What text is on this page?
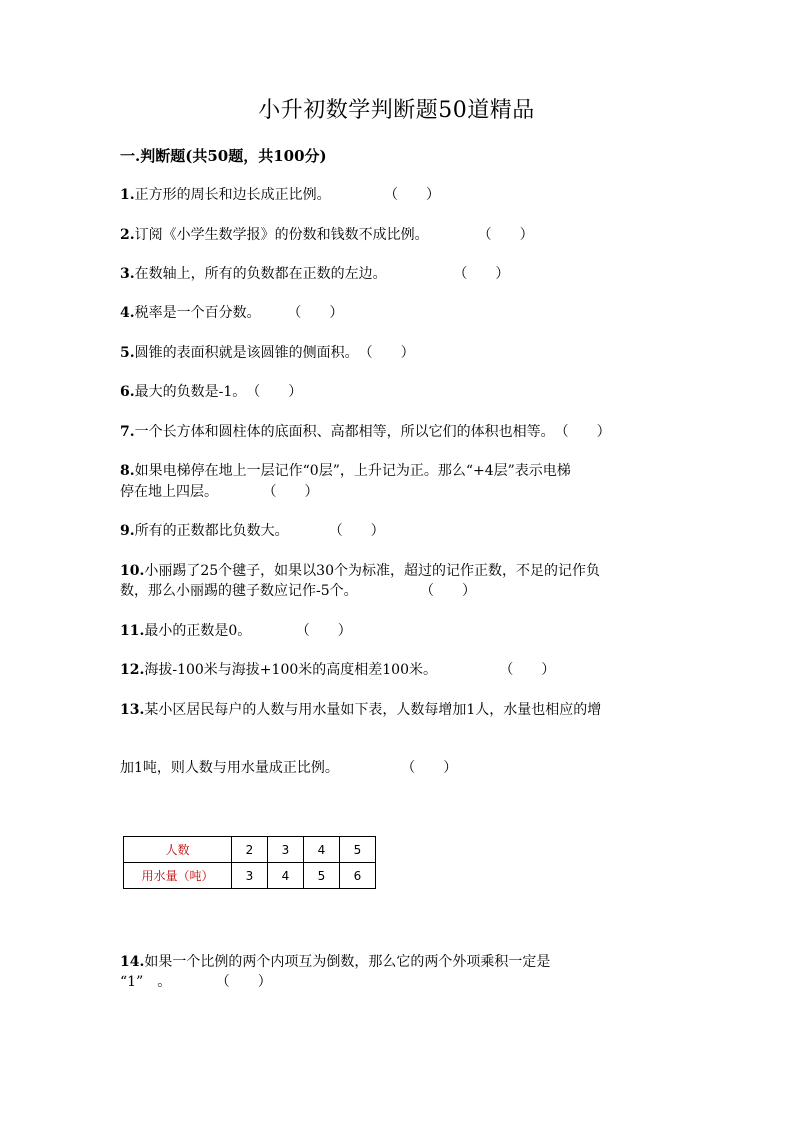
小升初数学判断题50道精品
一.判断题(共50题，共100分)
1.正方形的周长和边长成正比例。	（　　）
2.订阅《小学生数学报》的份数和钱数不成比例。	（　　）
3.在数轴上，所有的负数都在正数的左边。	（　　）
4.税率是一个百分数。 （　　）
5.圆锥的表面积就是该圆锥的侧面积。（　　）
6.最大的负数是-1。（　　）
7.一个长方体和圆柱体的底面积、高都相等，所以它们的体积也相等。（　　）
8.如果电梯停在地上一层记作“0层”，上升记为正。那么“+4层”表示电梯
停在地上四层。	（　　）
9.所有的正数都比负数大。	（　　）
10.小丽踢了25个毽子，如果以30个为标准，超过的记作正数，不足的记作负
数，那么小丽踢的毽子数应记作-5个。	（　　）
11.最小的正数是0。	（　　）
12.海拔-100米与海拔+100米的高度相差100米。	（　　）
13.某小区居民每户的人数与用水量如下表，人数每增加1人，水量也相应的增
加1吨，则人数与用水量成正比例。	（　　）
人数	2	3	4	5
用水量（吨）	3	4	5	6
14.如果一个比例的两个内项互为倒数，那么它的两个外项乘积一定是
“1”　。	（　　）
